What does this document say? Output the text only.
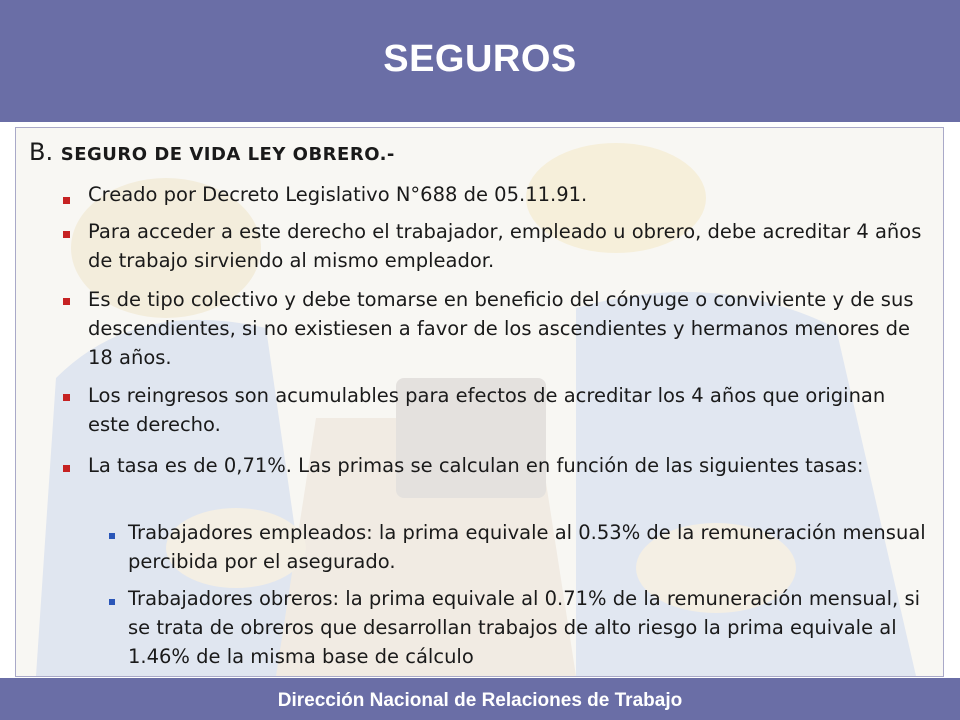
SEGUROS
B. SEGURO DE VIDA LEY OBRERO.-
Creado por Decreto Legislativo N°688 de 05.11.91.
Para acceder a este derecho el trabajador, empleado u obrero, debe acreditar 4 años de trabajo sirviendo al mismo empleador.
Es de tipo colectivo y debe tomarse en beneficio del cónyuge o conviviente y de sus descendientes, si no existiesen a favor de los ascendientes y hermanos menores de 18 años.
Los reingresos son acumulables para efectos de acreditar los 4 años que originan este derecho.
La tasa es de 0,71%. Las primas se calculan en función de las siguientes tasas:
Trabajadores empleados: la prima equivale al 0.53% de la remuneración mensual percibida por el asegurado.
Trabajadores obreros: la prima equivale al 0.71% de la remuneración mensual, si se trata de obreros que desarrollan trabajos de alto riesgo la prima equivale al 1.46% de la misma base de cálculo
Dirección Nacional de Relaciones de Trabajo
